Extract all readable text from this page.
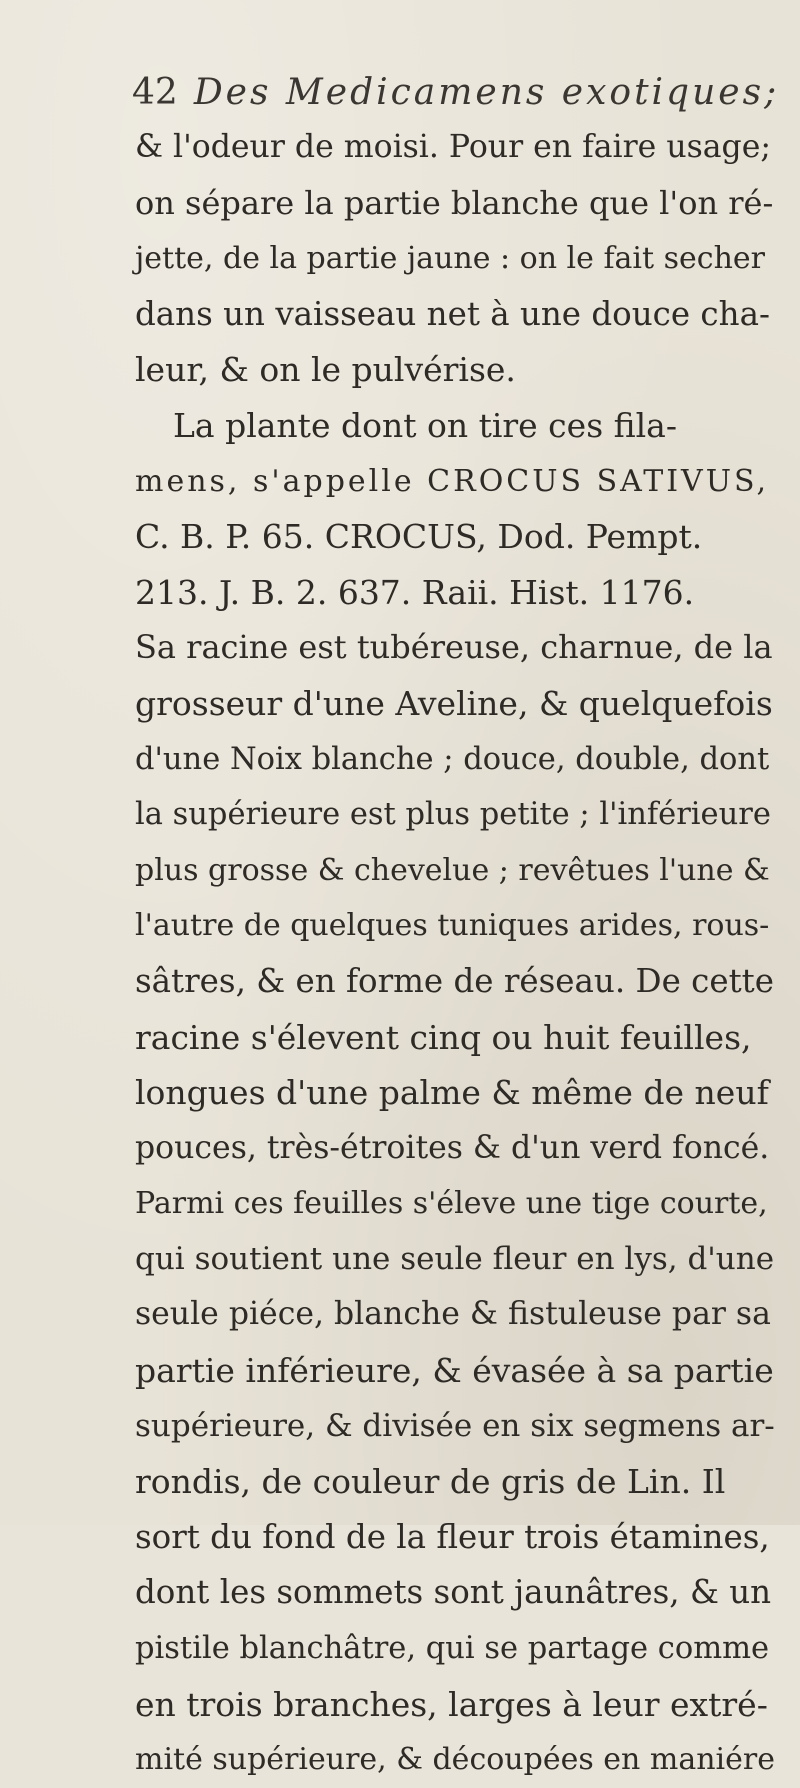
42 Des Medicamens exotiques;
& l'odeur de moisi. Pour en faire usage;
on sépare la partie blanche que l'on ré-
jette, de la partie jaune : on le fait secher
dans un vaisseau net à une douce cha-
leur, & on le pulvérise.
La plante dont on tire ces fila-
mens, s'appelle CROCUS SATIVUS,
C. B. P. 65. CROCUS, Dod. Pempt.
213. J. B. 2. 637. Raii. Hist. 1176.
Sa racine est tubéreuse, charnue, de la
grosseur d'une Aveline, & quelquefois
d'une Noix blanche ; douce, double, dont
la supérieure est plus petite ; l'inférieure
plus grosse & chevelue ; revêtues l'une &
l'autre de quelques tuniques arides, rous-
sâtres, & en forme de réseau. De cette
racine s'élevent cinq ou huit feuilles,
longues d'une palme & même de neuf
pouces, très-étroites & d'un verd foncé.
Parmi ces feuilles s'éleve une tige courte,
qui soutient une seule fleur en lys, d'une
seule piéce, blanche & fistuleuse par sa
partie inférieure, & évasée à sa partie
supérieure, & divisée en six segmens ar-
rondis, de couleur de gris de Lin. Il
sort du fond de la fleur trois étamines,
dont les sommets sont jaunâtres, & un
pistile blanchâtre, qui se partage comme
en trois branches, larges à leur extré-
mité supérieure, & découpées en maniére
